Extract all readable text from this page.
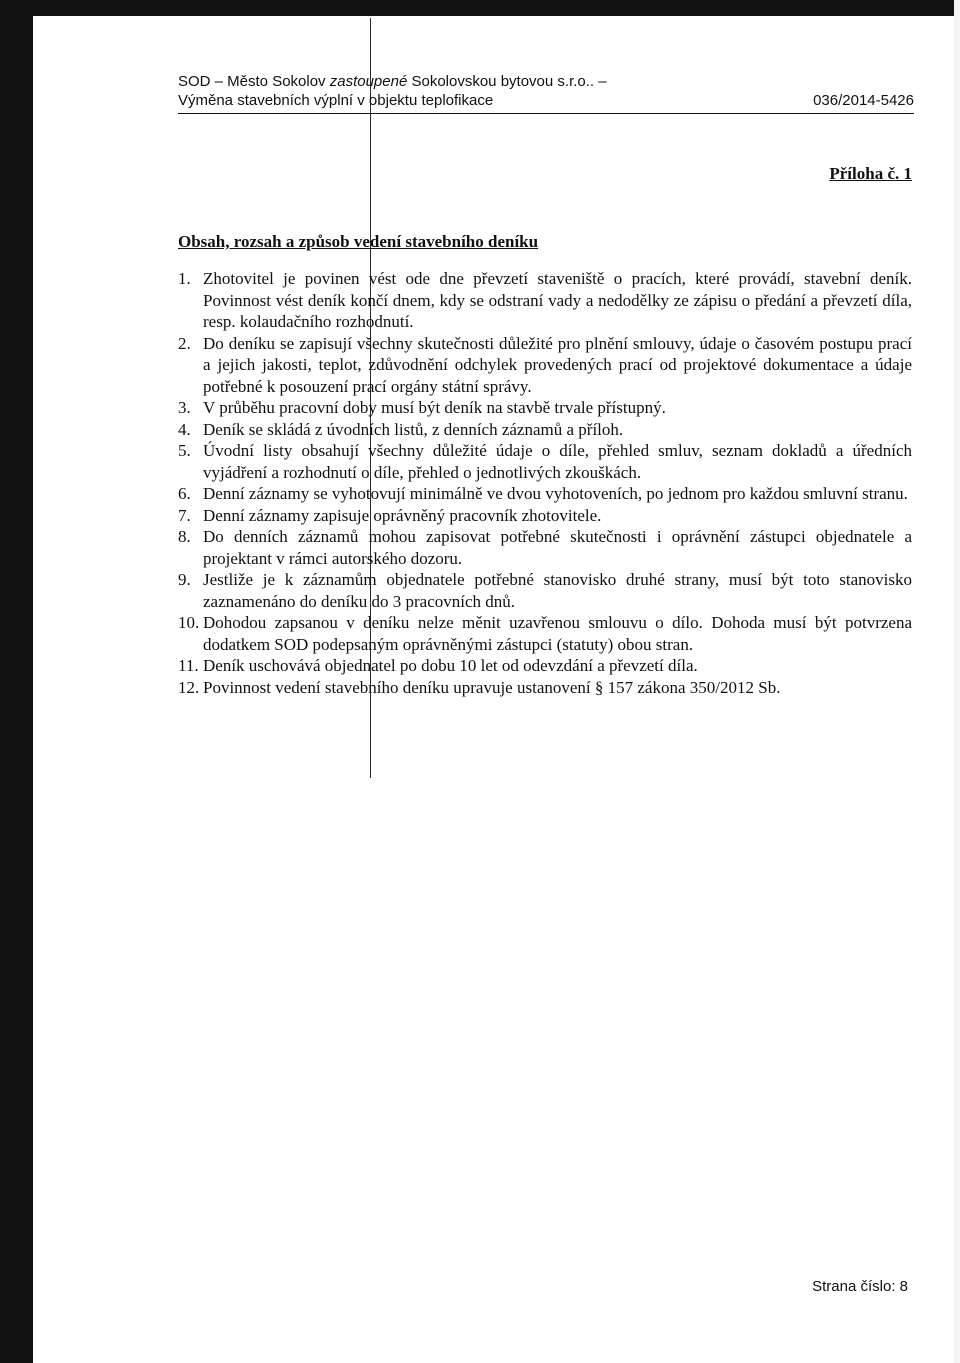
SOD – Město Sokolov zastoupené Sokolovskou bytovou s.r.o.. –
Výměna stavebních výplní v objektu teplofikace	036/2014-5426
Příloha č. 1
Obsah, rozsah a způsob vedení stavebního deníku
1. Zhotovitel je povinen vést ode dne převzetí staveniště o pracích, které provádí, stavební deník. Povinnost vést deník končí dnem, kdy se odstraní vady a nedodělky ze zápisu o předání a převzetí díla, resp. kolaudačního rozhodnutí.
2. Do deníku se zapisují všechny skutečnosti důležité pro plnění smlouvy, údaje o časovém postupu prací a jejich jakosti, teplot, zdůvodnění odchylek provedených prací od projektové dokumentace a údaje potřebné k posouzení prací orgány státní správy.
3. V průběhu pracovní doby musí být deník na stavbě trvale přístupný.
4. Deník se skládá z úvodních listů, z denních záznamů a příloh.
5. Úvodní listy obsahují všechny důležité údaje o díle, přehled smluv, seznam dokladů a úředních vyjádření a rozhodnutí o díle, přehled o jednotlivých zkouškách.
6. Denní záznamy se vyhotovují minimálně ve dvou vyhotoveních, po jednom pro každou smluvní stranu.
7. Denní záznamy zapisuje oprávněný pracovník zhotovitele.
8. Do denních záznamů mohou zapisovat potřebné skutečnosti i oprávnění zástupci objednatele a projektant v rámci autorského dozoru.
9. Jestliže je k záznamům objednatele potřebné stanovisko druhé strany, musí být toto stanovisko zaznamenáno do deníku do 3 pracovních dnů.
10. Dohodou zapsanou v deníku nelze měnit uzavřenou smlouvu o dílo. Dohoda musí být potvrzena dodatkem SOD podepsaným oprávněnými zástupci (statuty) obou stran.
11. Deník uschovává objednatel po dobu 10 let od odevzdání a převzetí díla.
12. Povinnost vedení stavebního deníku upravuje ustanovení § 157 zákona 350/2012 Sb.
Strana číslo: 8
